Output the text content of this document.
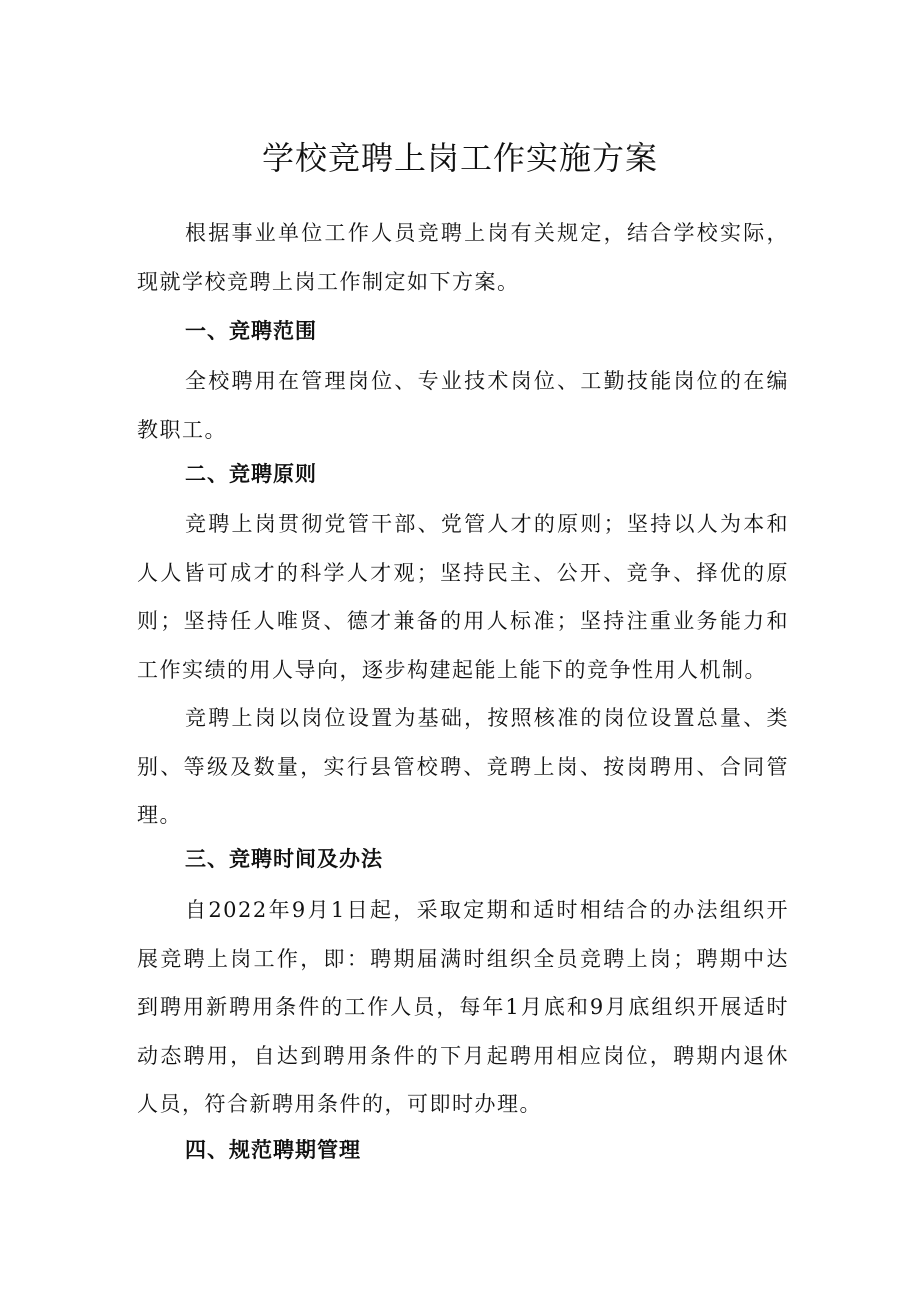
学校竞聘上岗工作实施方案

根据事业单位工作人员竞聘上岗有关规定，结合学校实际，现就学校竞聘上岗工作制定如下方案。

一、竞聘范围

全校聘用在管理岗位、专业技术岗位、工勤技能岗位的在编教职工。

二、竞聘原则

竞聘上岗贯彻党管干部、党管人才的原则；坚持以人为本和人人皆可成才的科学人才观；坚持民主、公开、竞争、择优的原则；坚持任人唯贤、德才兼备的用人标准；坚持注重业务能力和工作实绩的用人导向，逐步构建起能上能下的竞争性用人机制。

竞聘上岗以岗位设置为基础，按照核准的岗位设置总量、类别、等级及数量，实行县管校聘、竞聘上岗、按岗聘用、合同管理。

三、竞聘时间及办法

自2022年9月1日起，采取定期和适时相结合的办法组织开展竞聘上岗工作，即：聘期届满时组织全员竞聘上岗；聘期中达到聘用新聘用条件的工作人员，每年1月底和9月底组织开展适时动态聘用，自达到聘用条件的下月起聘用相应岗位，聘期内退休人员，符合新聘用条件的，可即时办理。

四、规范聘期管理
